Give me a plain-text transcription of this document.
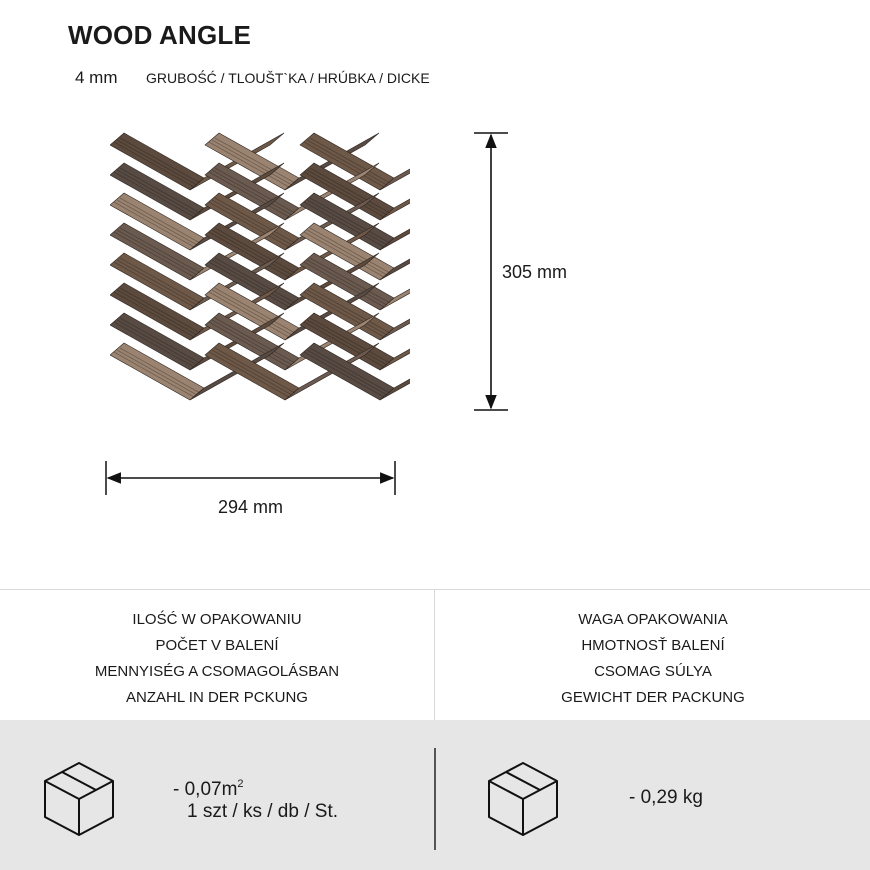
WOOD ANGLE
4 mm GRUBOŚĆ / TLOUŠT`KA / HRÚBKA / DICKE
305 mm
294 mm
ILOŚĆ W OPAKOWANIU
POČET V BALENÍ
MENNYISÉG A CSOMAGOLÁSBAN
ANZAHL IN DER PCKUNG
WAGA OPAKOWANIA
HMOTNOSŤ BALENÍ
CSOMAG SÚLYA
GEWICHT DER PACKUNG
- $0,07m^2$
1 szt / ks / db / St.
- 0,29 kg
